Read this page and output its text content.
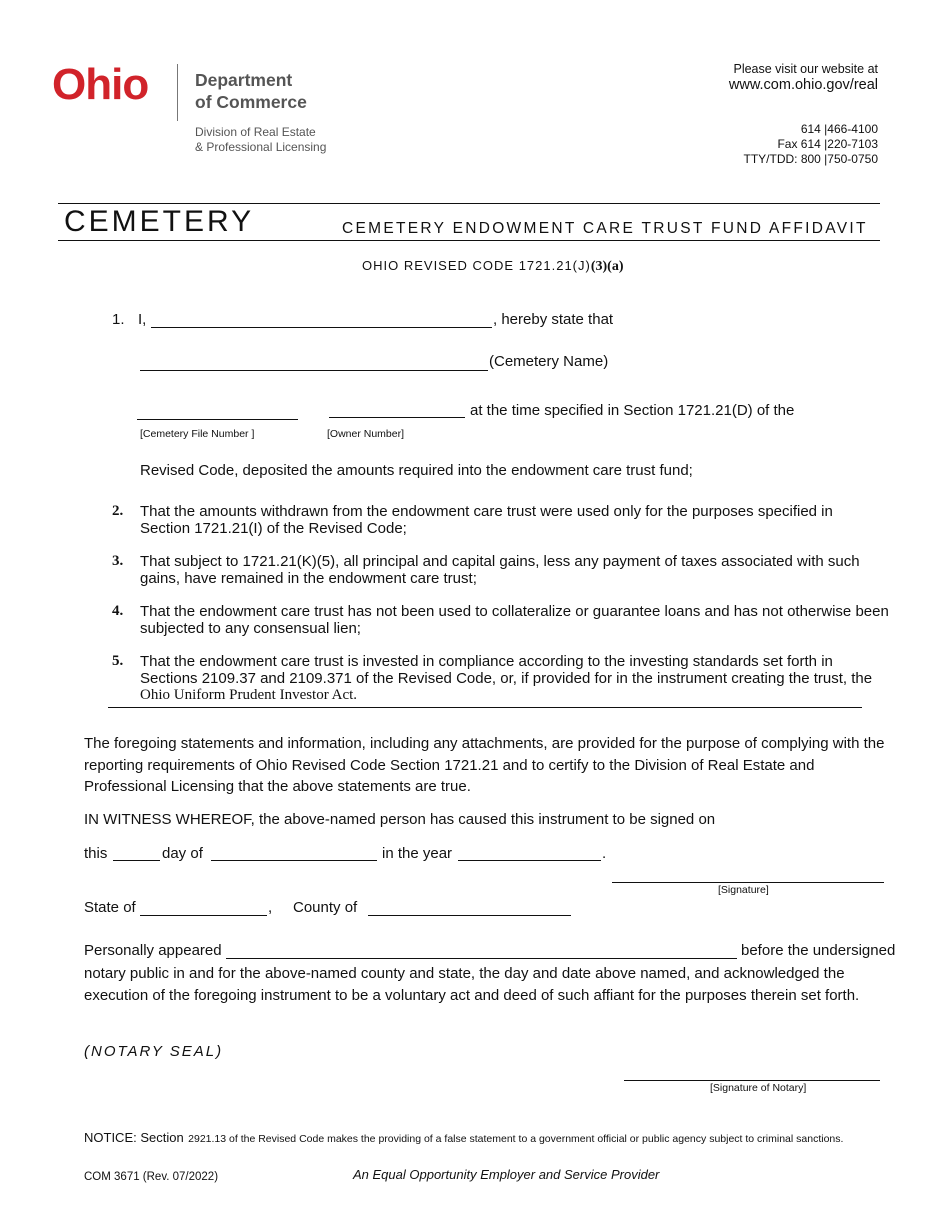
Ohio	Department
of Commerce
Division of Real Estate
& Professional Licensing
Please visit our website at
www.com.ohio.gov/real
614 |466-4100
Fax 614 |220-7103
TTY/TDD: 800 |750-0750
CEMETERY	CEMETERY ENDOWMENT CARE TRUST FUND AFFIDAVIT
OHIO REVISED CODE 1721.21(J)(3)(a)
1. I,	, hereby state that
(Cemetery Name)
at the time specified in Section 1721.21(D) of the
[Cemetery File Number ]	[Owner Number]
Revised Code, deposited the amounts required into the endowment care trust fund;
2. That the amounts withdrawn from the endowment care trust were used only for the purposes specified in
Section 1721.21(I) of the Revised Code;
3. That subject to 1721.21(K)(5), all principal and capital gains, less any payment of taxes associated with such
gains, have remained in the endowment care trust;
4. That the endowment care trust has not been used to collateralize or guarantee loans and has not otherwise been
subjected to any consensual lien;
5. That the endowment care trust is invested in compliance according to the investing standards set forth in
Sections 2109.37 and 2109.371 of the Revised Code, or, if provided for in the instrument creating the trust, the
Ohio Uniform Prudent Investor Act.
The foregoing statements and information, including any attachments, are provided for the purpose of complying with the
reporting requirements of Ohio Revised Code Section 1721.21 and to certify to the Division of Real Estate and
Professional Licensing that the above statements are true.
IN WITNESS WHEREOF, the above-named person has caused this instrument to be signed on
this	day of	in the year	.
[Signature]
State of	, County of
Personally appeared	before the undersigned
notary public in and for the above-named county and state, the day and date above named, and acknowledged the
execution of the foregoing instrument to be a voluntary act and deed of such affiant for the purposes therein set forth.
(NOTARY SEAL)
[Signature of Notary]
NOTICE: Section 2921.13 of the Revised Code makes the providing of a false statement to a government official or public agency subject to criminal sanctions.
COM 3671 (Rev. 07/2022)	An Equal Opportunity Employer and Service Provider
